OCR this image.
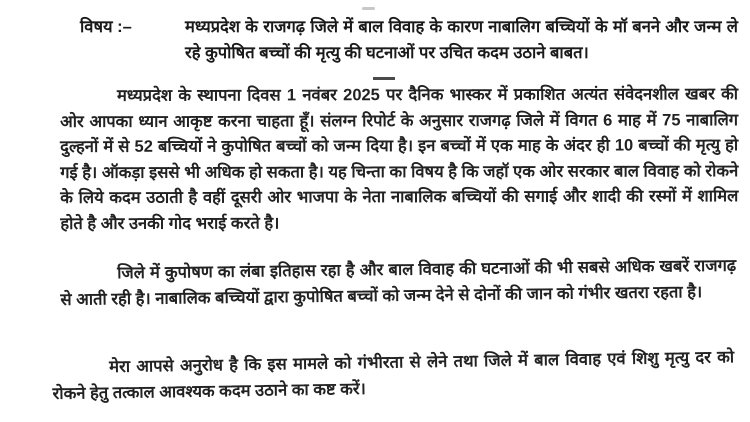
विषय :–	मध्यप्रदेश के राजगढ़ जिले में बाल विवाह के कारण नाबालिग बच्चियों के मॉ बनने और जन्म ले रहे कुपोषित बच्चों की मृत्यु की घटनाओं पर उचित कदम उठाने बाबत।

मध्यप्रदेश के स्थापना दिवस 1 नवंबर 2025 पर दैनिक भास्कर में प्रकाशित अत्यंत संवेदनशील खबर की ओर आपका ध्यान आकृष्ट करना चाहता हूँ। संलग्न रिपोर्ट के अनुसार राजगढ़ जिले में विगत 6 माह में 75 नाबालिग दुल्हनों में से 52 बच्चियों ने कुपोषित बच्चों को जन्म दिया है। इन बच्चों में एक माह के अंदर ही 10 बच्चों की मृत्यु हो गई है। ऑकड़ा इससे भी अधिक हो सकता है। यह चिन्ता का विषय है कि जहॉ एक ओर सरकार बाल विवाह को रोकने के लिये कदम उठाती है वहीं दूसरी ओर भाजपा के नेता नाबालिक बच्चियों की सगाई और शादी की रस्मों में शामिल होते है और उनकी गोद भराई करते है।

जिले में कुपोषण का लंबा इतिहास रहा है और बाल विवाह की घटनाओं की भी सबसे अधिक खबरें राजगढ़ से आती रही है। नाबालिक बच्चियों द्वारा कुपोषित बच्चों को जन्म देने से दोनों की जान को गंभीर खतरा रहता है।

मेरा आपसे अनुरोध है कि इस मामले को गंभीरता से लेने तथा जिले में बाल विवाह एवं शिशु मृत्यु दर को रोकने हेतु तत्काल आवश्यक कदम उठाने का कष्ट करें।
